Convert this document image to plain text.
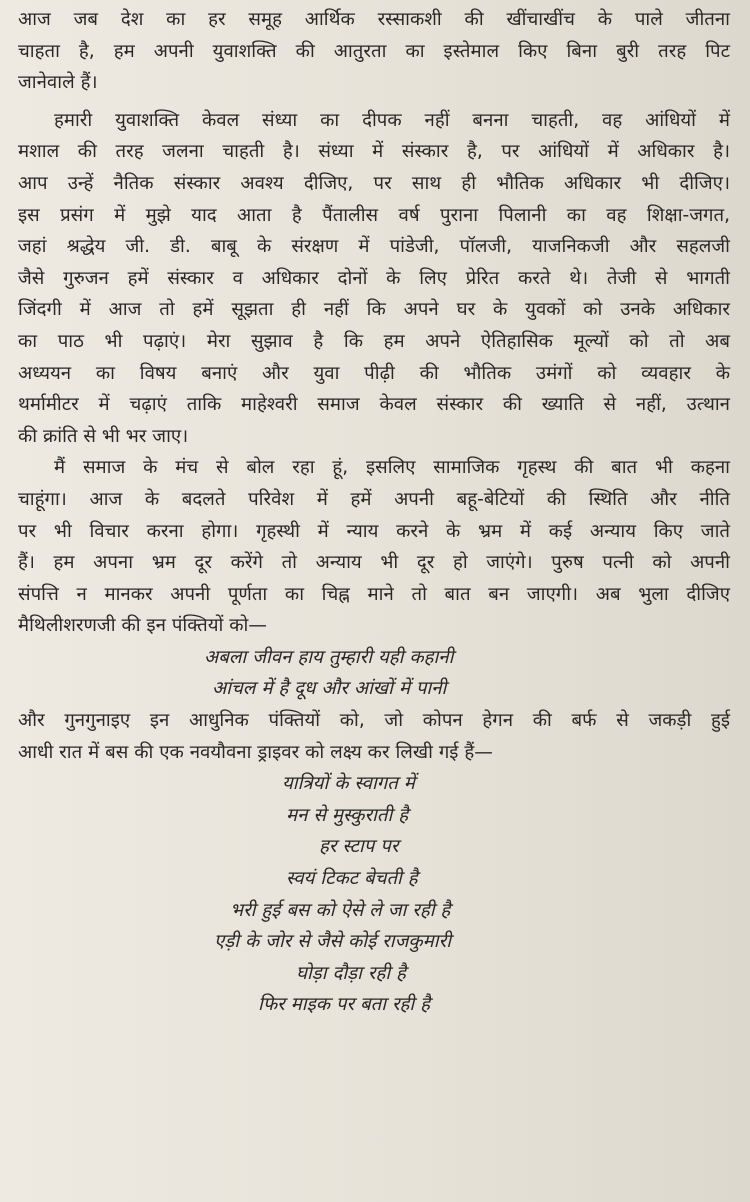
आज जब देश का हर समूह आर्थिक रस्साकशी की खींचाखींच के पाले जीतना
चाहता है, हम अपनी युवाशक्ति की आतुरता का इस्तेमाल किए बिना बुरी तरह पिट
जानेवाले हैं।
हमारी युवाशक्ति केवल संध्या का दीपक नहीं बनना चाहती, वह आंधियों में
मशाल की तरह जलना चाहती है। संध्या में संस्कार है, पर आंधियों में अधिकार है।
आप उन्हें नैतिक संस्कार अवश्य दीजिए, पर साथ ही भौतिक अधिकार भी दीजिए।
इस प्रसंग में मुझे याद आता है पैंतालीस वर्ष पुराना पिलानी का वह शिक्षा-जगत,
जहां श्रद्धेय जी. डी. बाबू के संरक्षण में पांडेजी, पॉलजी, याजनिकजी और सहलजी
जैसे गुरुजन हमें संस्कार व अधिकार दोनों के लिए प्रेरित करते थे। तेजी से भागती
जिंदगी में आज तो हमें सूझता ही नहीं कि अपने घर के युवकों को उनके अधिकार
का पाठ भी पढ़ाएं। मेरा सुझाव है कि हम अपने ऐतिहासिक मूल्यों को तो अब
अध्ययन का विषय बनाएं और युवा पीढ़ी की भौतिक उमंगों को व्यवहार के
थर्मामीटर में चढ़ाएं ताकि माहेश्वरी समाज केवल संस्कार की ख्याति से नहीं, उत्थान
की क्रांति से भी भर जाए।
मैं समाज के मंच से बोल रहा हूं, इसलिए सामाजिक गृहस्थ की बात भी कहना
चाहूंगा। आज के बदलते परिवेश में हमें अपनी बहू-बेटियों की स्थिति और नीति
पर भी विचार करना होगा। गृहस्थी में न्याय करने के भ्रम में कई अन्याय किए जाते
हैं। हम अपना भ्रम दूर करेंगे तो अन्याय भी दूर हो जाएंगे। पुरुष पत्नी को अपनी
संपत्ति न मानकर अपनी पूर्णता का चिह्न माने तो बात बन जाएगी। अब भुला दीजिए
मैथिलीशरणजी की इन पंक्तियों को—
अबला जीवन हाय तुम्हारी यही कहानी
आंचल में है दूध और आंखों में पानी
और गुनगुनाइए इन आधुनिक पंक्तियों को, जो कोपन हेगन की बर्फ से जकड़ी हुई
आधी रात में बस की एक नवयौवना ड्राइवर को लक्ष्य कर लिखी गई हैं—
यात्रियों के स्वागत में
मन से मुस्कुराती है
हर स्टाप पर
स्वयं टिकट बेचती है
भरी हुई बस को ऐसे ले जा रही है
एड़ी के जोर से जैसे कोई राजकुमारी
घोड़ा दौड़ा रही है
फिर माइक पर बता रही है
